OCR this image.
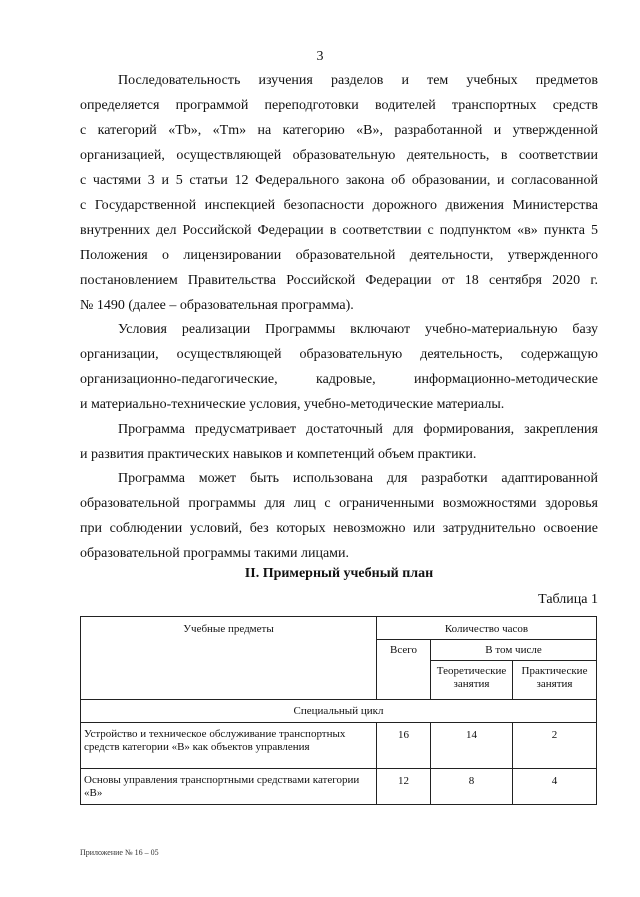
3
Последовательность изучения разделов и тем учебных предметов
определяется программой переподготовки водителей транспортных средств
с категорий «Tb», «Tm» на категорию «B», разработанной и утвержденной
организацией, осуществляющей образовательную деятельность, в соответствии
с частями 3 и 5 статьи 12 Федерального закона об образовании, и согласованной
с Государственной инспекцией безопасности дорожного движения Министерства
внутренних дел Российской Федерации в соответствии с подпунктом «в» пункта 5
Положения о лицензировании образовательной деятельности, утвержденного
постановлением Правительства Российской Федерации от 18 сентября 2020 г.
№ 1490 (далее – образовательная программа).
Условия реализации Программы включают учебно-материальную базу
организации, осуществляющей образовательную деятельность, содержащую
организационно-педагогические, кадровые, информационно-методические
и материально-технические условия, учебно-методические материалы.
Программа предусматривает достаточный для формирования, закрепления
и развития практических навыков и компетенций объем практики.
Программа может быть использована для разработки адаптированной
образовательной программы для лиц с ограниченными возможностями здоровья
при соблюдении условий, без которых невозможно или затруднительно освоение
образовательной программы такими лицами.
II. Примерный учебный план
Таблица 1
Учебные предметы	Количество часов		
	Всего	В том числе	
		Теоретические занятия	Практические занятия
Специальный цикл			
Устройство и техническое обслуживание транспортных средств категории «B» как объектов управления	16	14	2
Основы управления транспортными средствами категории «B»	12	8	4
Приложение № 16 – 05
